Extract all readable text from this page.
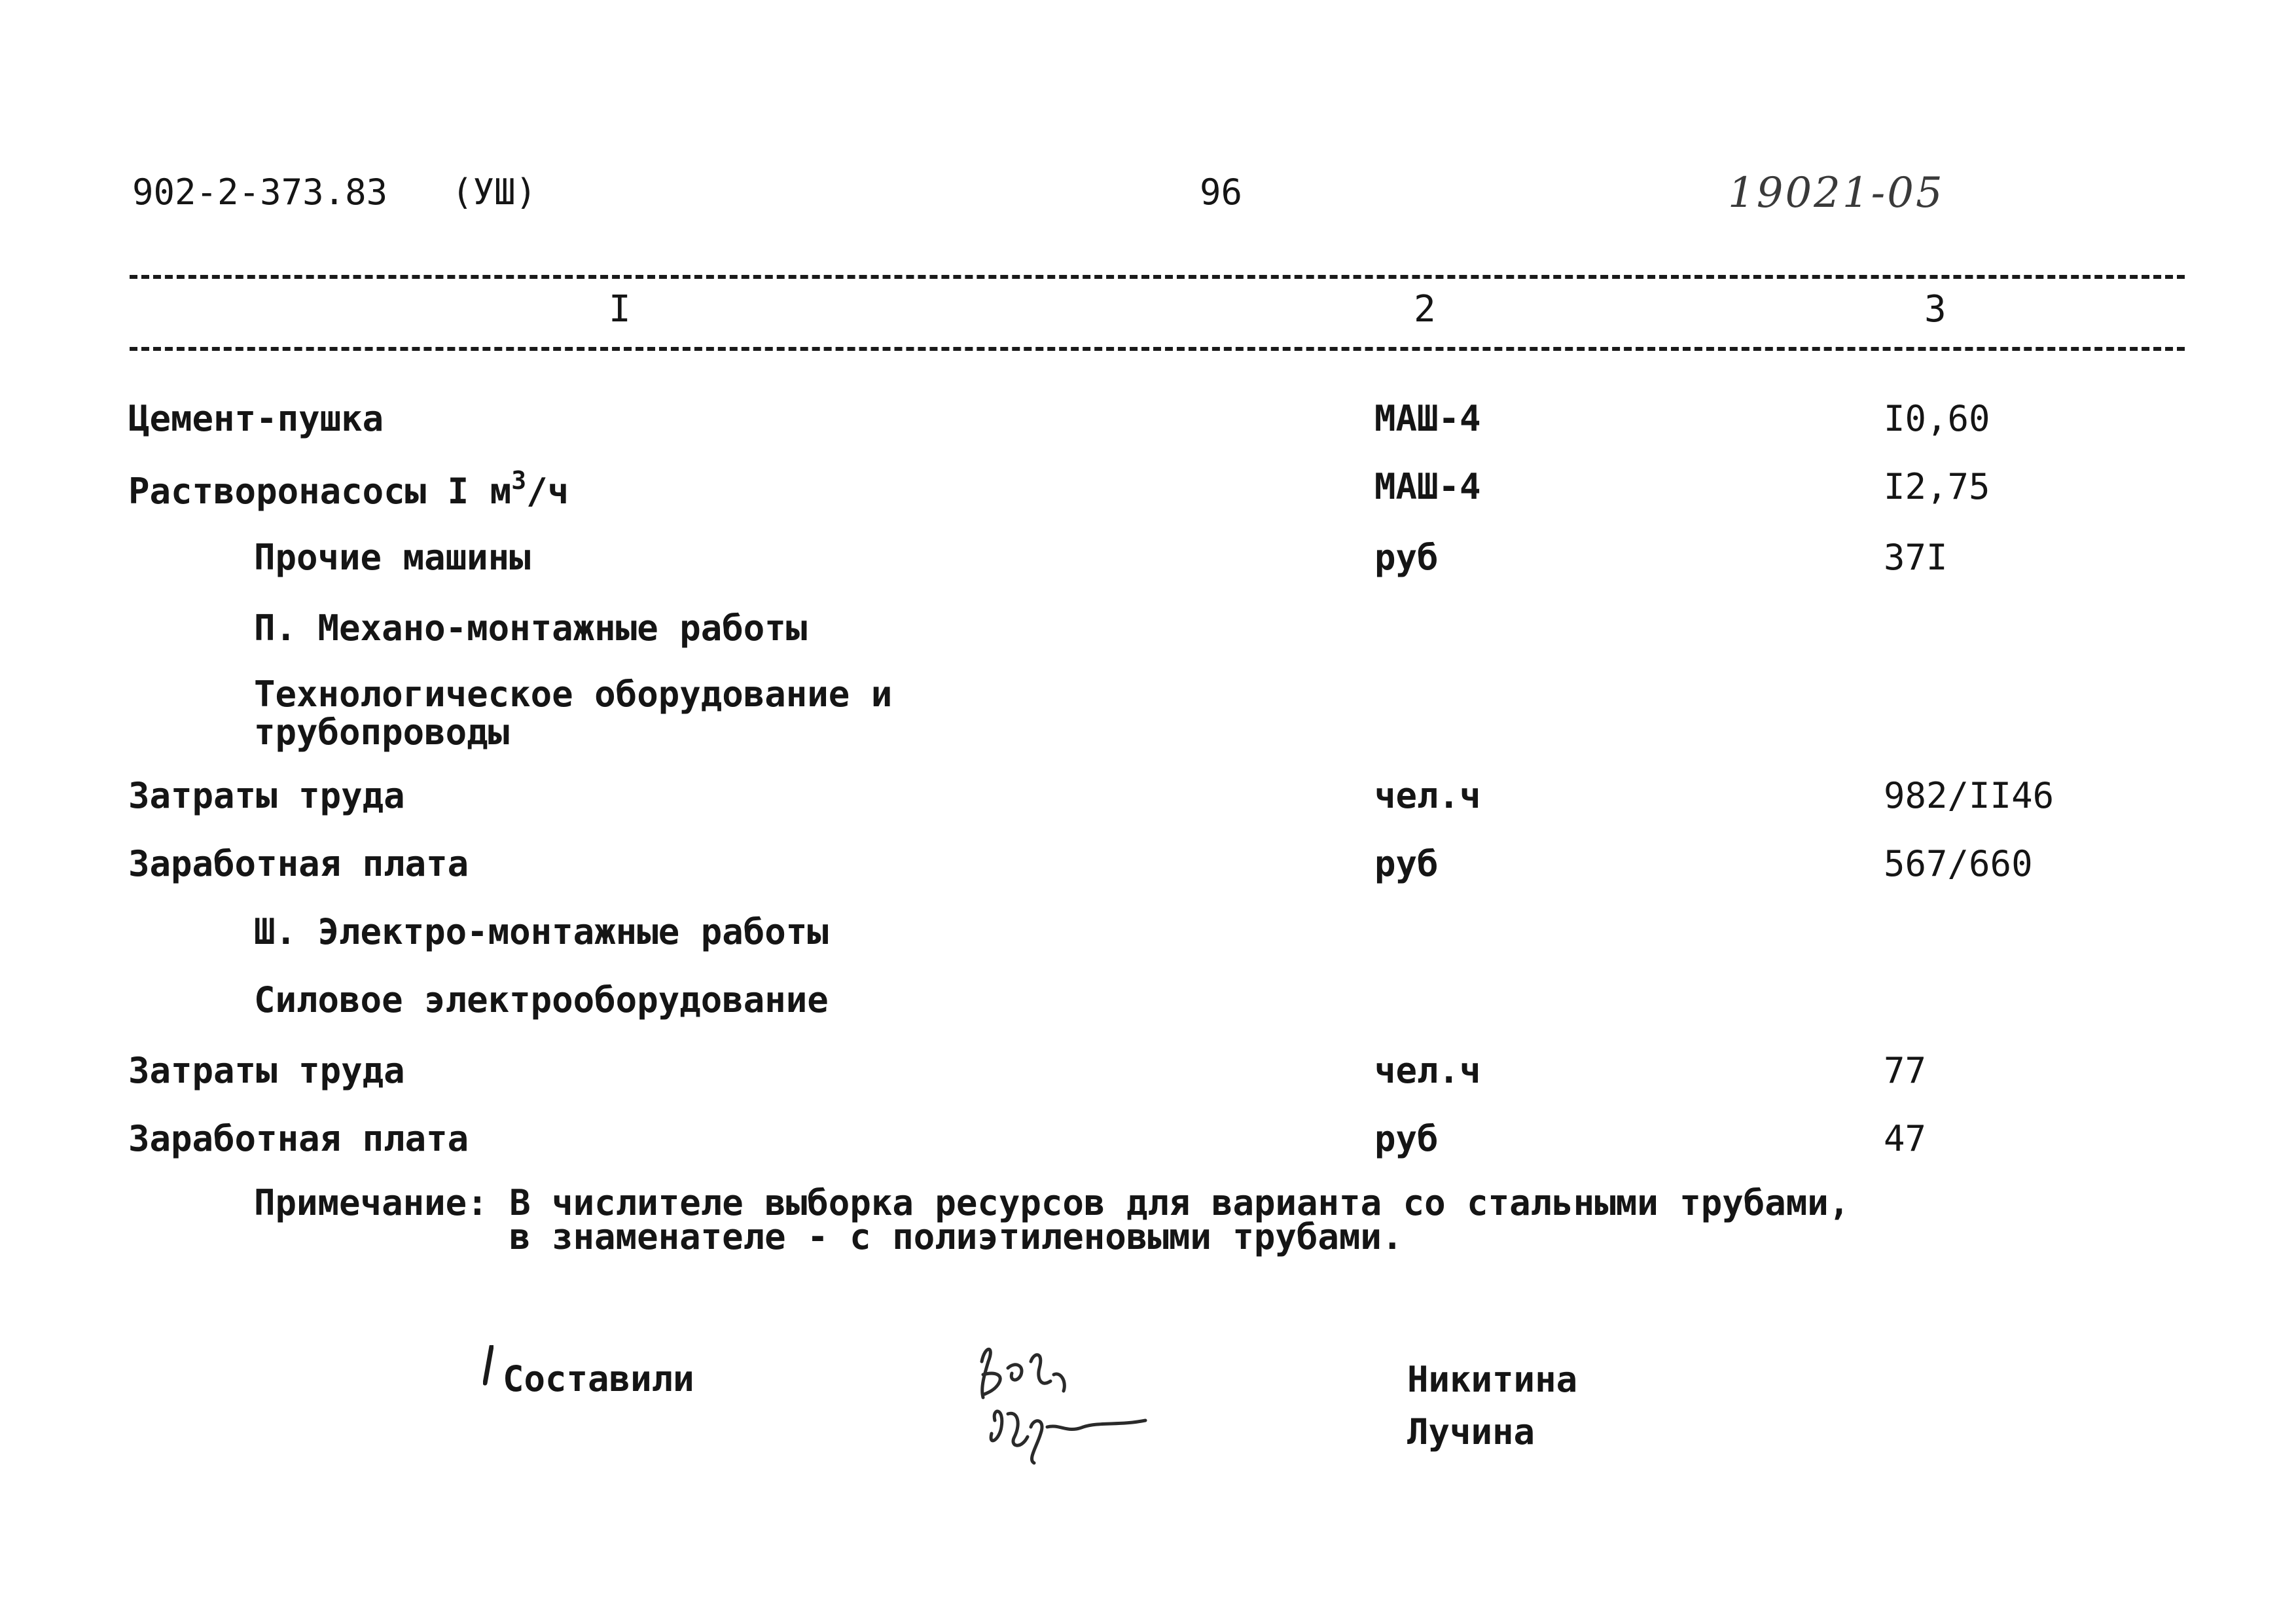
902-2-373.83 (УШ)	96	19021-05
I	2	3
Цемент-пушка	МАШ-4	I0,60
Растворонасосы I $м^3/ч$	МАШ-4	I2,75
Прочие машины	руб	37I
П. Механо-монтажные работы
Технологическое оборудование и
трубопроводы
Затраты труда	чел.ч	982/II46
Заработная плата	руб	567/660
Ш. Электро-монтажные работы
Силовое электрооборудование
Затраты труда	чел.ч	77
Заработная плата	руб	47
Примечание: В числителе выборка ресурсов для варианта со стальными трубами,
в знаменателе - с полиэтиленовыми трубами.
Составили	Никитина
Лучина
